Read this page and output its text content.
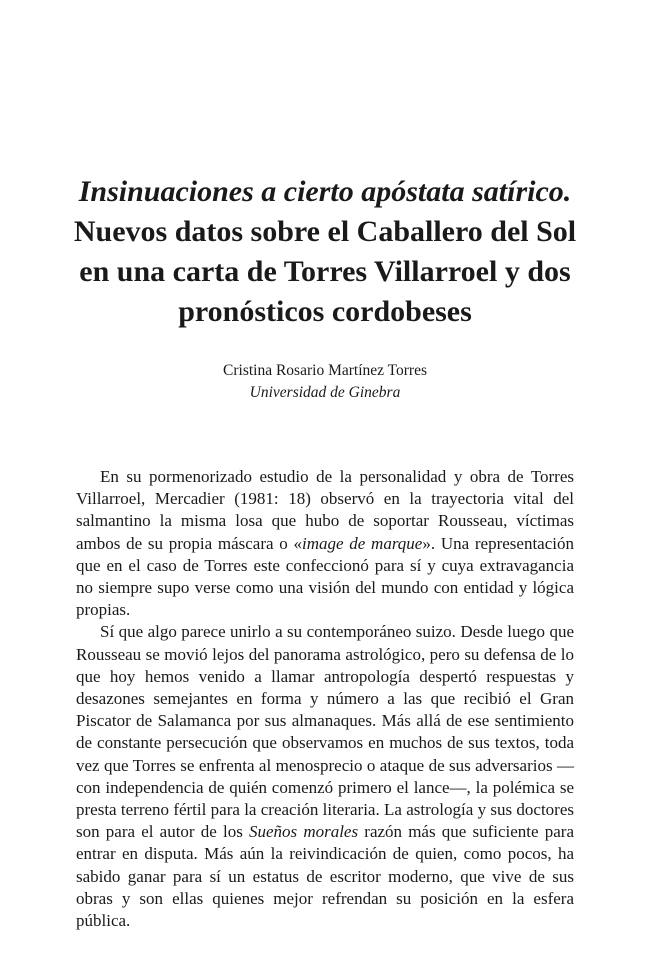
Insinuaciones a cierto apóstata satírico.
Nuevos datos sobre el Caballero del Sol
en una carta de Torres Villarroel y dos
pronósticos cordobeses
Cristina Rosario Martínez Torres
Universidad de Ginebra

En su pormenorizado estudio de la personalidad y obra de Torres Villarroel, Mercadier (1981: 18) observó en la trayectoria vital del salmantino la misma losa que hubo de soportar Rousseau, víctimas ambos de su propia máscara o «image de marque». Una representación que en el caso de Torres este confeccionó para sí y cuya extravagancia no siempre supo verse como una visión del mundo con entidad y lógica propias.

Sí que algo parece unirlo a su contemporáneo suizo. Desde luego que Rousseau se movió lejos del panorama astrológico, pero su defensa de lo que hoy hemos venido a llamar antropología despertó respuestas y desazones semejantes en forma y número a las que recibió el Gran Piscator de Salamanca por sus almanaques. Más allá de ese sentimiento de constante persecución que observamos en muchos de sus textos, toda vez que Torres se enfrenta al menosprecio o ataque de sus adversarios —con independencia de quién comenzó primero el lance—, la polémica se presta terreno fértil para la creación literaria. La astrología y sus doctores son para el autor de los Sueños morales razón más que suficiente para entrar en disputa. Más aún la reivindicación de quien, como pocos, ha sabido ganar para sí un estatus de escritor moderno, que vive de sus obras y son ellas quienes mejor refrendan su posición en la esfera pública.
